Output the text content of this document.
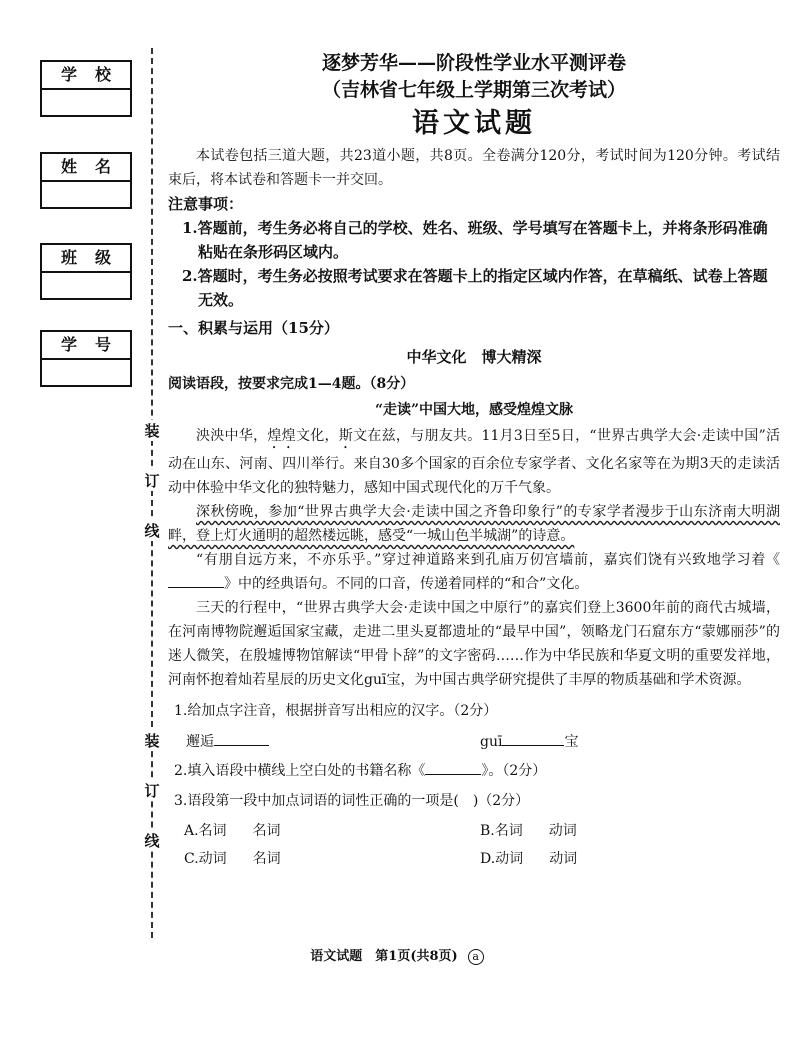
学 校
姓 名
班 级
学 号
装
订
线
装
订
线
逐梦芳华——阶段性学业水平测评卷
（吉林省七年级上学期第三次考试）
语文试题

本试卷包括三道大题，共23道小题，共8页。全卷满分120分，考试时间为120分钟。考试结束后，将本试卷和答题卡一并交回。

注意事项：

1.答题前，考生务必将自己的学校、姓名、班级、学号填写在答题卡上，并将条形码准确粘贴在条形码区域内。

2.答题时，考生务必按照考试要求在答题卡上的指定区域内作答，在草稿纸、试卷上答题无效。

一、积累与运用（15分）
中华文化　博大精深
阅读语段，按要求完成1—4题。（8分）
“走读”中国大地，感受煌煌文脉

泱泱中华，煌煌文化，斯文在兹，与朋友共。11月3日至5日，“世界古典学大会·走读中国”活动在山东、河南、四川举行。来自30多个国家的百余位专家学者、文化名家等在为期3天的走读活动中体验中华文化的独特魅力，感知中国式现代化的万千气象。

深秋傍晚，参加“世界古典学大会·走读中国之齐鲁印象行”的专家学者漫步于山东济南大明湖畔，登上灯火通明的超然楼远眺，感受“一城山色半城湖”的诗意。

“有朋自远方来，不亦乐乎。”穿过神道路来到孔庙万仞宫墙前，嘉宾们饶有兴致地学习着《》中的经典语句。不同的口音，传递着同样的“和合”文化。

三天的行程中，“世界古典学大会·走读中国之中原行”的嘉宾们登上3600年前的商代古城墙，在河南博物院邂逅国家宝藏，走进二里头夏都遗址的“最早中国”，领略龙门石窟东方“蒙娜丽莎”的迷人微笑，在殷墟博物馆解读“甲骨卜辞”的文字密码……作为中华民族和华夏文明的重要发祥地，河南怀抱着灿若星辰的历史文化guī宝，为中国古典学研究提供了丰厚的物质基础和学术资源。

1.给加点字注音，根据拼音写出相应的汉字。（2分）
邂逅	guī	宝
2.填入语段中横线上空白处的书籍名称《	》。（2分）
3.语段第一段中加点词语的词性正确的一项是(　)（2分）
A.名词 名词	B.名词 动词
C.动词 名词	D.动词 动词
语文试题　第1页(共8页) a
